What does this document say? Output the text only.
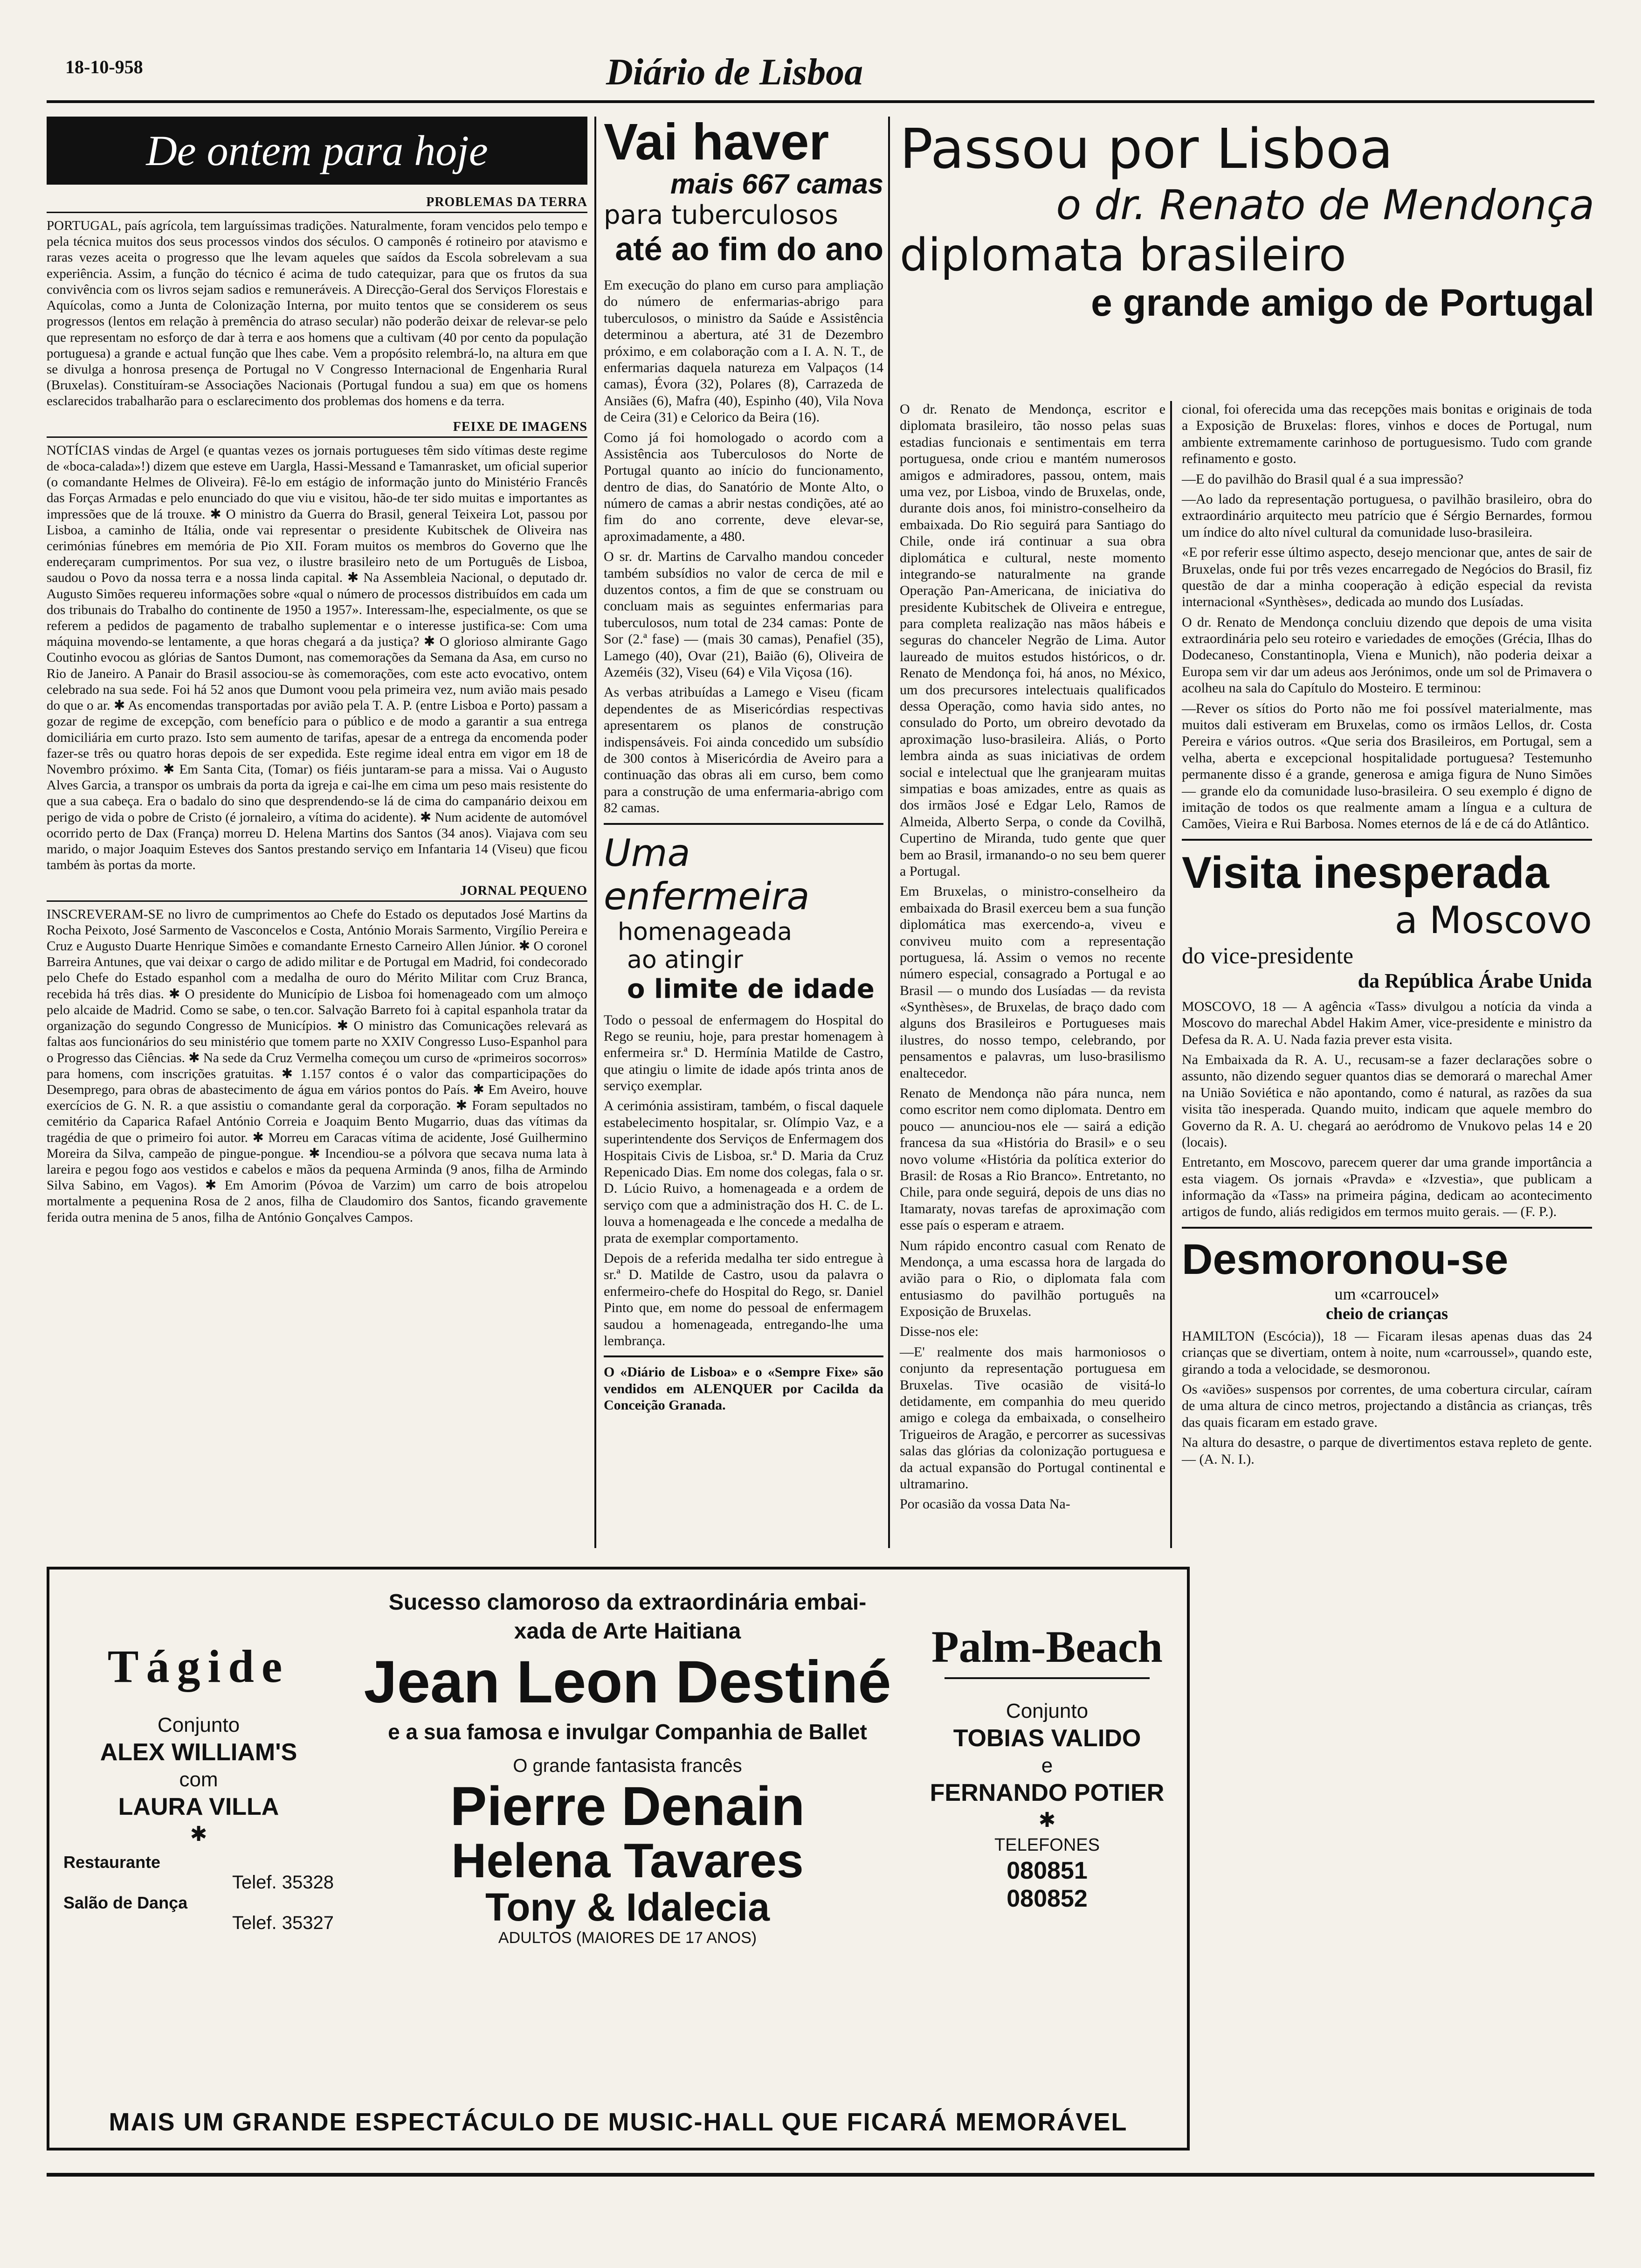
18-10-958	Diário de Lisboa
De ontem para hoje
PROBLEMAS DA TERRA

PORTUGAL, país agrícola, tem larguíssimas tradições. Naturalmente, foram vencidos pelo tempo e pela técnica muitos dos seus processos vindos dos séculos. O camponês é rotineiro por atavismo e raras vezes aceita o progresso que lhe levam aqueles que saídos da Escola sobrelevam a sua experiência. Assim, a função do técnico é acima de tudo catequizar, para que os frutos da sua convivência com os livros sejam sadios e remuneráveis. A Direcção-Geral dos Serviços Florestais e Aquícolas, como a Junta de Colonização Interna, por muito tentos que se considerem os seus progressos (lentos em relação à premência do atraso secular) não poderão deixar de relevar-se pelo que representam no esforço de dar à terra e aos homens que a cultivam (40 por cento da população portuguesa) a grande e actual função que lhes cabe. Vem a propósito relembrá-lo, na altura em que se divulga a honrosa presença de Portugal no V Congresso Internacional de Engenharia Rural (Bruxelas). Constituíram-se Associações Nacionais (Portugal fundou a sua) em que os homens esclarecidos trabalharão para o esclarecimento dos problemas dos homens e da terra.

FEIXE DE IMAGENS

NOTÍCIAS vindas de Argel (e quantas vezes os jornais portugueses têm sido vítimas deste regime de «boca-calada»!) dizem que esteve em Uargla, Hassi-Messand e Tamanrasket, um oficial superior (o comandante Helmes de Oliveira). Fê-lo em estágio de informação junto do Ministério Francês das Forças Armadas e pelo enunciado do que viu e visitou, hão-de ter sido muitas e importantes as impressões que de lá trouxe. ✱ O ministro da Guerra do Brasil, general Teixeira Lot, passou por Lisboa, a caminho de Itália, onde vai representar o presidente Kubitschek de Oliveira nas cerimónias fúnebres em memória de Pio XII. Foram muitos os membros do Governo que lhe endereçaram cumprimentos. Por sua vez, o ilustre brasileiro neto de um Português de Lisboa, saudou o Povo da nossa terra e a nossa linda capital. ✱ Na Assembleia Nacional, o deputado dr. Augusto Simões requereu informações sobre «qual o número de processos distribuídos em cada um dos tribunais do Trabalho do continente de 1950 a 1957». Interessam-lhe, especialmente, os que se referem a pedidos de pagamento de trabalho suplementar e o interesse justifica-se: Com uma máquina movendo-se lentamente, a que horas chegará a da justiça? ✱ O glorioso almirante Gago Coutinho evocou as glórias de Santos Dumont, nas comemorações da Semana da Asa, em curso no Rio de Janeiro. A Panair do Brasil associou-se às comemorações, com este acto evocativo, ontem celebrado na sua sede. Foi há 52 anos que Dumont voou pela primeira vez, num avião mais pesado do que o ar. ✱ As encomendas transportadas por avião pela T. A. P. (entre Lisboa e Porto) passam a gozar de regime de excepção, com benefício para o público e de modo a garantir a sua entrega domiciliária em curto prazo. Isto sem aumento de tarifas, apesar de a entrega da encomenda poder fazer-se três ou quatro horas depois de ser expedida. Este regime ideal entra em vigor em 18 de Novembro próximo. ✱ Em Santa Cita, (Tomar) os fiéis juntaram-se para a missa. Vai o Augusto Alves Garcia, a transpor os umbrais da porta da igreja e cai-lhe em cima um peso mais resistente do que a sua cabeça. Era o badalo do sino que desprendendo-se lá de cima do campanário deixou em perigo de vida o pobre de Cristo (é jornaleiro, a vítima do acidente). ✱ Num acidente de automóvel ocorrido perto de Dax (França) morreu D. Helena Martins dos Santos (34 anos). Viajava com seu marido, o major Joaquim Esteves dos Santos prestando serviço em Infantaria 14 (Viseu) que ficou também às portas da morte.

JORNAL PEQUENO

INSCREVERAM-SE no livro de cumprimentos ao Chefe do Estado os deputados José Martins da Rocha Peixoto, José Sarmento de Vasconcelos e Costa, António Morais Sarmento, Virgílio Pereira e Cruz e Augusto Duarte Henrique Simões e comandante Ernesto Carneiro Allen Júnior. ✱ O coronel Barreira Antunes, que vai deixar o cargo de adido militar e de Portugal em Madrid, foi condecorado pelo Chefe do Estado espanhol com a medalha de ouro do Mérito Militar com Cruz Branca, recebida há três dias. ✱ O presidente do Município de Lisboa foi homenageado com um almoço pelo alcaide de Madrid. Como se sabe, o ten.cor. Salvação Barreto foi à capital espanhola tratar da organização do segundo Congresso de Municípios. ✱ O ministro das Comunicações relevará as faltas aos funcionários do seu ministério que tomem parte no XXIV Congresso Luso-Espanhol para o Progresso das Ciências. ✱ Na sede da Cruz Vermelha começou um curso de «primeiros socorros» para homens, com inscrições gratuitas. ✱ 1.157 contos é o valor das comparticipações do Desemprego, para obras de abastecimento de água em vários pontos do País. ✱ Em Aveiro, houve exercícios de G. N. R. a que assistiu o comandante geral da corporação. ✱ Foram sepultados no cemitério da Caparica Rafael António Correia e Joaquim Bento Mugarrio, duas das vítimas da tragédia de que o primeiro foi autor. ✱ Morreu em Caracas vítima de acidente, José Guilhermino Moreira da Silva, campeão de pingue-pongue. ✱ Incendiou-se a pólvora que secava numa lata à lareira e pegou fogo aos vestidos e cabelos e mãos da pequena Arminda (9 anos, filha de Armindo Silva Sabino, em Vagos). ✱ Em Amorim (Póvoa de Varzim) um carro de bois atropelou mortalmente a pequenina Rosa de 2 anos, filha de Claudomiro dos Santos, ficando gravemente ferida outra menina de 5 anos, filha de António Gonçalves Campos.

Vai haver
mais 667 camas
para tuberculosos
até ao fim do ano

Em execução do plano em curso para ampliação do número de enfermarias-abrigo para tuberculosos, o ministro da Saúde e Assistência determinou a abertura, até 31 de Dezembro próximo, e em colaboração com a I. A. N. T., de enfermarias daquela natureza em Valpaços (14 camas), Évora (32), Polares (8), Carrazeda de Ansiães (6), Mafra (40), Espinho (40), Vila Nova de Ceira (31) e Celorico da Beira (16).

Como já foi homologado o acordo com a Assistência aos Tuberculosos do Norte de Portugal quanto ao início do funcionamento, dentro de dias, do Sanatório de Monte Alto, o número de camas a abrir nestas condições, até ao fim do ano corrente, deve elevar-se, aproximadamente, a 480.

O sr. dr. Martins de Carvalho mandou conceder também subsídios no valor de cerca de mil e duzentos contos, a fim de que se construam ou concluam mais as seguintes enfermarias para tuberculosos, num total de 234 camas: Ponte de Sor (2.ª fase) — (mais 30 camas), Penafiel (35), Lamego (40), Ovar (21), Baião (6), Oliveira de Azeméis (32), Viseu (64) e Vila Viçosa (16).

As verbas atribuídas a Lamego e Viseu (ficam dependentes de as Misericórdias respectivas apresentarem os planos de construção indispensáveis. Foi ainda concedido um subsídio de 300 contos à Misericórdia de Aveiro para a continuação das obras ali em curso, bem como para a construção de uma enfermaria-abrigo com 82 camas.

Uma enfermeira
homenageada
ao atingir
o limite de idade

Todo o pessoal de enfermagem do Hospital do Rego se reuniu, hoje, para prestar homenagem à enfermeira sr.ª D. Hermínia Matilde de Castro, que atingiu o limite de idade após trinta anos de serviço exemplar.

A cerimónia assistiram, também, o fiscal daquele estabelecimento hospitalar, sr. Olímpio Vaz, e a superintendente dos Serviços de Enfermagem dos Hospitais Civis de Lisboa, sr.ª D. Maria da Cruz Repenicado Dias. Em nome dos colegas, fala o sr. D. Lúcio Ruivo, a homenageada e a ordem de serviço com que a administração dos H. C. de L. louva a homenageada e lhe concede a medalha de prata de exemplar comportamento.

Depois de a referida medalha ter sido entregue à sr.ª D. Matilde de Castro, usou da palavra o enfermeiro-chefe do Hospital do Rego, sr. Daniel Pinto que, em nome do pessoal de enfermagem saudou a homenageada, entregando-lhe uma lembrança.

O «Diário de Lisboa» e o «Sempre Fixe» são vendidos em ALENQUER por Cacilda da Conceição Granada.

Passou por Lisboa
o dr. Renato de Mendonça
diplomata brasileiro
e grande amigo de Portugal

O dr. Renato de Mendonça, escritor e diplomata brasileiro, tão nosso pelas suas estadias funcionais e sentimentais em terra portuguesa, onde criou e mantém numerosos amigos e admiradores, passou, ontem, mais uma vez, por Lisboa, vindo de Bruxelas, onde, durante dois anos, foi ministro-conselheiro da embaixada. Do Rio seguirá para Santiago do Chile, onde irá continuar a sua obra diplomática e cultural, neste momento integrando-se naturalmente na grande Operação Pan-Americana, de iniciativa do presidente Kubitschek de Oliveira e entregue, para completa realização nas mãos hábeis e seguras do chanceler Negrão de Lima. Autor laureado de muitos estudos históricos, o dr. Renato de Mendonça foi, há anos, no México, um dos precursores intelectuais qualificados dessa Operação, como havia sido antes, no consulado do Porto, um obreiro devotado da aproximação luso-brasileira. Aliás, o Porto lembra ainda as suas iniciativas de ordem social e intelectual que lhe granjearam muitas simpatias e boas amizades, entre as quais as dos irmãos José e Edgar Lelo, Ramos de Almeida, Alberto Serpa, o conde da Covilhã, Cupertino de Miranda, tudo gente que quer bem ao Brasil, irmanando-o no seu bem querer a Portugal.

Em Bruxelas, o ministro-conselheiro da embaixada do Brasil exerceu bem a sua função diplomática mas exercendo-a, viveu e conviveu muito com a representação portuguesa, lá. Assim o vemos no recente número especial, consagrado a Portugal e ao Brasil — o mundo dos Lusíadas — da revista «Synthèses», de Bruxelas, de braço dado com alguns dos Brasileiros e Portugueses mais ilustres, do nosso tempo, celebrando, por pensamentos e palavras, um luso-brasilismo enaltecedor.

Renato de Mendonça não pára nunca, nem como escritor nem como diplomata. Dentro em pouco — anunciou-nos ele — sairá a edição francesa da sua «História do Brasil» e o seu novo volume «História da política exterior do Brasil: de Rosas a Rio Branco». Entretanto, no Chile, para onde seguirá, depois de uns dias no Itamaraty, novas tarefas de aproximação com esse país o esperam e atraem.

Num rápido encontro casual com Renato de Mendonça, a uma escassa hora de largada do avião para o Rio, o diplomata fala com entusiasmo do pavilhão português na Exposição de Bruxelas.

Disse-nos ele:

—E' realmente dos mais harmoniosos o conjunto da representação portuguesa em Bruxelas. Tive ocasião de visitá-lo detidamente, em companhia do meu querido amigo e colega da embaixada, o conselheiro Trigueiros de Aragão, e percorrer as sucessivas salas das glórias da colonização portuguesa e da actual expansão do Portugal continental e ultramarino.

Por ocasião da vossa Data Na-

cional, foi oferecida uma das recepções mais bonitas e originais de toda a Exposição de Bruxelas: flores, vinhos e doces de Portugal, num ambiente extremamente carinhoso de portuguesismo. Tudo com grande refinamento e gosto.

—E do pavilhão do Brasil qual é a sua impressão?

—Ao lado da representação portuguesa, o pavilhão brasileiro, obra do extraordinário arquitecto meu patrício que é Sérgio Bernardes, formou um índice do alto nível cultural da comunidade luso-brasileira.

«E por referir esse último aspecto, desejo mencionar que, antes de sair de Bruxelas, onde fui por três vezes encarregado de Negócios do Brasil, fiz questão de dar a minha cooperação à edição especial da revista internacional «Synthèses», dedicada ao mundo dos Lusíadas.

O dr. Renato de Mendonça concluiu dizendo que depois de uma visita extraordinária pelo seu roteiro e variedades de emoções (Grécia, Ilhas do Dodecaneso, Constantinopla, Viena e Munich), não poderia deixar a Europa sem vir dar um adeus aos Jerónimos, onde um sol de Primavera o acolheu na sala do Capítulo do Mosteiro. E terminou:

—Rever os sítios do Porto não me foi possível materialmente, mas muitos dali estiveram em Bruxelas, como os irmãos Lellos, dr. Costa Pereira e vários outros. «Que seria dos Brasileiros, em Portugal, sem a velha, aberta e excepcional hospitalidade portuguesa? Testemunho permanente disso é a grande, generosa e amiga figura de Nuno Simões — grande elo da comunidade luso-brasileira. O seu exemplo é digno de imitação de todos os que realmente amam a língua e a cultura de Camões, Vieira e Rui Barbosa. Nomes eternos de lá e de cá do Atlântico.

Visita inesperada
a Moscovo
do vice-presidente
da República Árabe Unida

MOSCOVO, 18 — A agência «Tass» divulgou a notícia da vinda a Moscovo do marechal Abdel Hakim Amer, vice-presidente e ministro da Defesa da R. A. U. Nada fazia prever esta visita.

Na Embaixada da R. A. U., recusam-se a fazer declarações sobre o assunto, não dizendo seguer quantos dias se demorará o marechal Amer na União Soviética e não apontando, como é natural, as razões da sua visita tão inesperada. Quando muito, indicam que aquele membro do Governo da R. A. U. chegará ao aeródromo de Vnukovo pelas 14 e 20 (locais).

Entretanto, em Moscovo, parecem querer dar uma grande importância a esta viagem. Os jornais «Pravda» e «Izvestia», que publicam a informação da «Tass» na primeira página, dedicam ao acontecimento artigos de fundo, aliás redigidos em termos muito gerais. — (F. P.).

Desmoronou-se
um «carroucel»
cheio de crianças

HAMILTON (Escócia)), 18 — Ficaram ilesas apenas duas das 24 crianças que se divertiam, ontem à noite, num «carroussel», quando este, girando a toda a velocidade, se desmoronou.

Os «aviões» suspensos por correntes, de uma cobertura circular, caíram de uma altura de cinco metros, projectando a distância as crianças, três das quais ficaram em estado grave.

Na altura do desastre, o parque de divertimentos estava repleto de gente. — (A. N. I.).

Tágide
Conjunto
ALEX WILLIAM'S
com
LAURA VILLA
✱
Restaurante
Telef. 35328
Salão de Dança
Telef. 35327
Sucesso clamoroso da extraordinária embai-
xada de Arte Haitiana
Jean Leon Destiné
e a sua famosa e invulgar Companhia de Ballet
O grande fantasista francês
Pierre Denain
Helena Tavares
Tony & Idalecia
ADULTOS (MAIORES DE 17 ANOS)
Palm-Beach
Conjunto
TOBIAS VALIDO
e
FERNANDO POTIER
✱
TELEFONES
080851
080852
MAIS UM GRANDE ESPECTÁCULO DE MUSIC-HALL QUE FICARÁ MEMORÁVEL
